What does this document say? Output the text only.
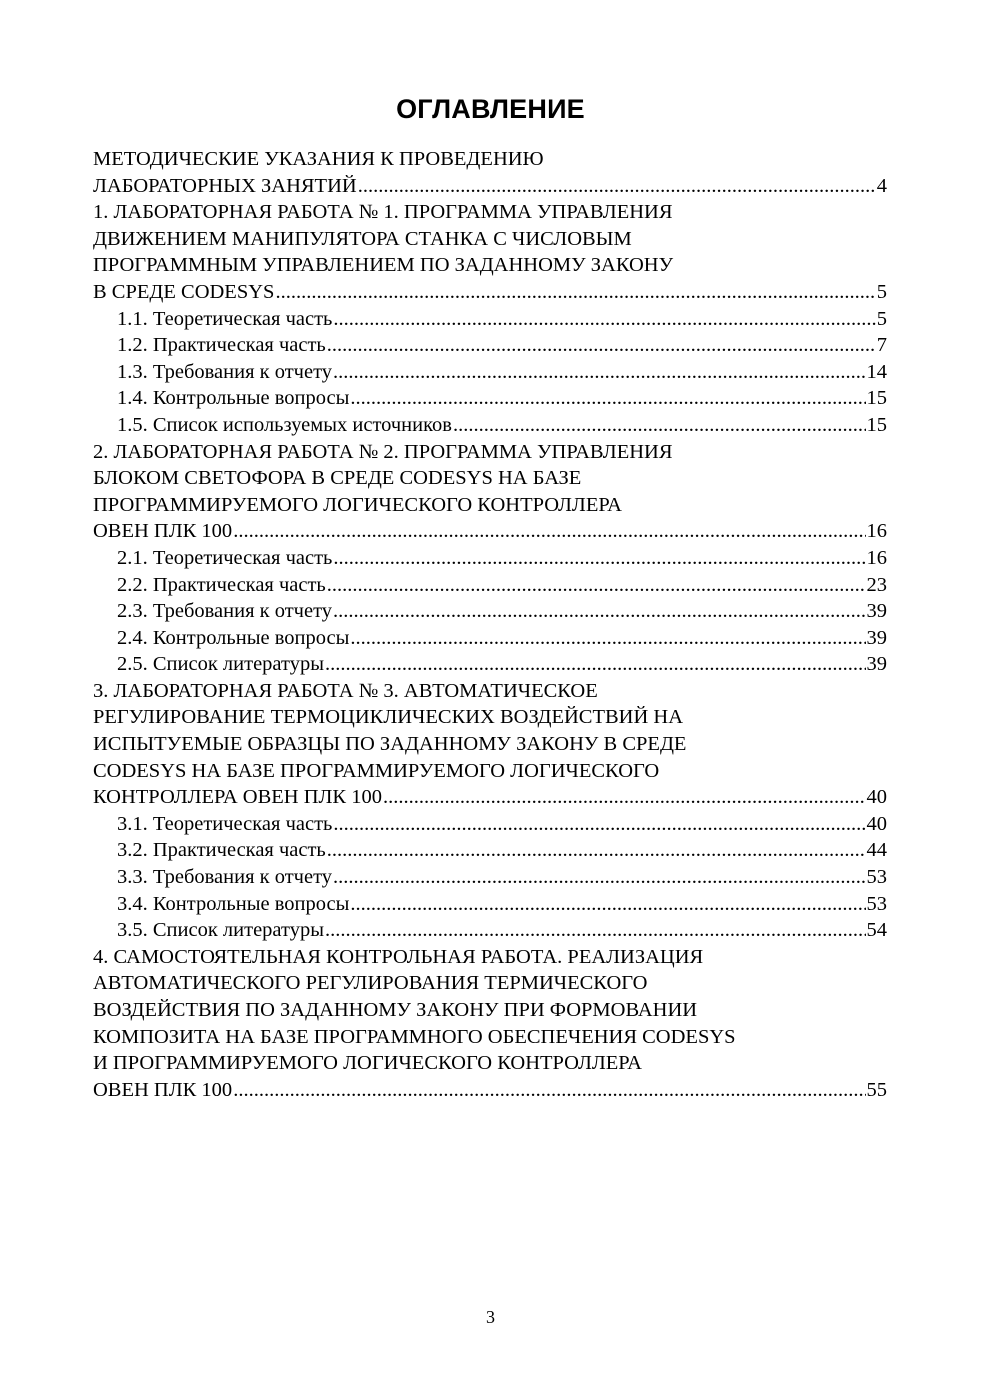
ОГЛАВЛЕНИЕ
МЕТОДИЧЕСКИЕ УКАЗАНИЯ К ПРОВЕДЕНИЮ
ЛАБОРАТОРНЫХ ЗАНЯТИЙ .....	4
1. ЛАБОРАТОРНАЯ РАБОТА № 1. ПРОГРАММА УПРАВЛЕНИЯ
ДВИЖЕНИЕМ МАНИПУЛЯТОРА СТАНКА С ЧИСЛОВЫМ
ПРОГРАММНЫМ УПРАВЛЕНИЕМ ПО ЗАДАННОМУ ЗАКОНУ
В СРЕДЕ CODESYS .....	5
1.1. Теоретическая часть .....	5
1.2. Практическая часть .....	7
1.3. Требования к отчету .....	14
1.4. Контрольные вопросы .....	15
1.5. Список используемых источников .....	15
2. ЛАБОРАТОРНАЯ РАБОТА № 2. ПРОГРАММА УПРАВЛЕНИЯ
БЛОКОМ СВЕТОФОРА В СРЕДЕ CODESYS НА БАЗЕ
ПРОГРАММИРУЕМОГО ЛОГИЧЕСКОГО КОНТРОЛЛЕРА
ОВЕН ПЛК 100 .....	16
2.1. Теоретическая часть .....	16
2.2. Практическая часть .....	23
2.3. Требования к отчету .....	39
2.4. Контрольные вопросы .....	39
2.5. Список литературы .....	39
3. ЛАБОРАТОРНАЯ РАБОТА № 3. АВТОМАТИЧЕСКОЕ
РЕГУЛИРОВАНИЕ ТЕРМОЦИКЛИЧЕСКИХ ВОЗДЕЙСТВИЙ НА
ИСПЫТУЕМЫЕ ОБРАЗЦЫ ПО ЗАДАННОМУ ЗАКОНУ В СРЕДЕ
CODESYS НА БАЗЕ ПРОГРАММИРУЕМОГО ЛОГИЧЕСКОГО
КОНТРОЛЛЕРА ОВЕН ПЛК 100 .....	40
3.1. Теоретическая часть .....	40
3.2. Практическая часть .....	44
3.3. Требования к отчету .....	53
3.4. Контрольные вопросы .....	53
3.5. Список литературы .....	54
4. САМОСТОЯТЕЛЬНАЯ КОНТРОЛЬНАЯ РАБОТА. РЕАЛИЗАЦИЯ
АВТОМАТИЧЕСКОГО РЕГУЛИРОВАНИЯ ТЕРМИЧЕСКОГО
ВОЗДЕЙСТВИЯ ПО ЗАДАННОМУ ЗАКОНУ ПРИ ФОРМОВАНИИ
КОМПОЗИТА НА БАЗЕ ПРОГРАММНОГО ОБЕСПЕЧЕНИЯ CODESYS
И ПРОГРАММИРУЕМОГО ЛОГИЧЕСКОГО КОНТРОЛЛЕРА
ОВЕН ПЛК 100 .....	55
3
